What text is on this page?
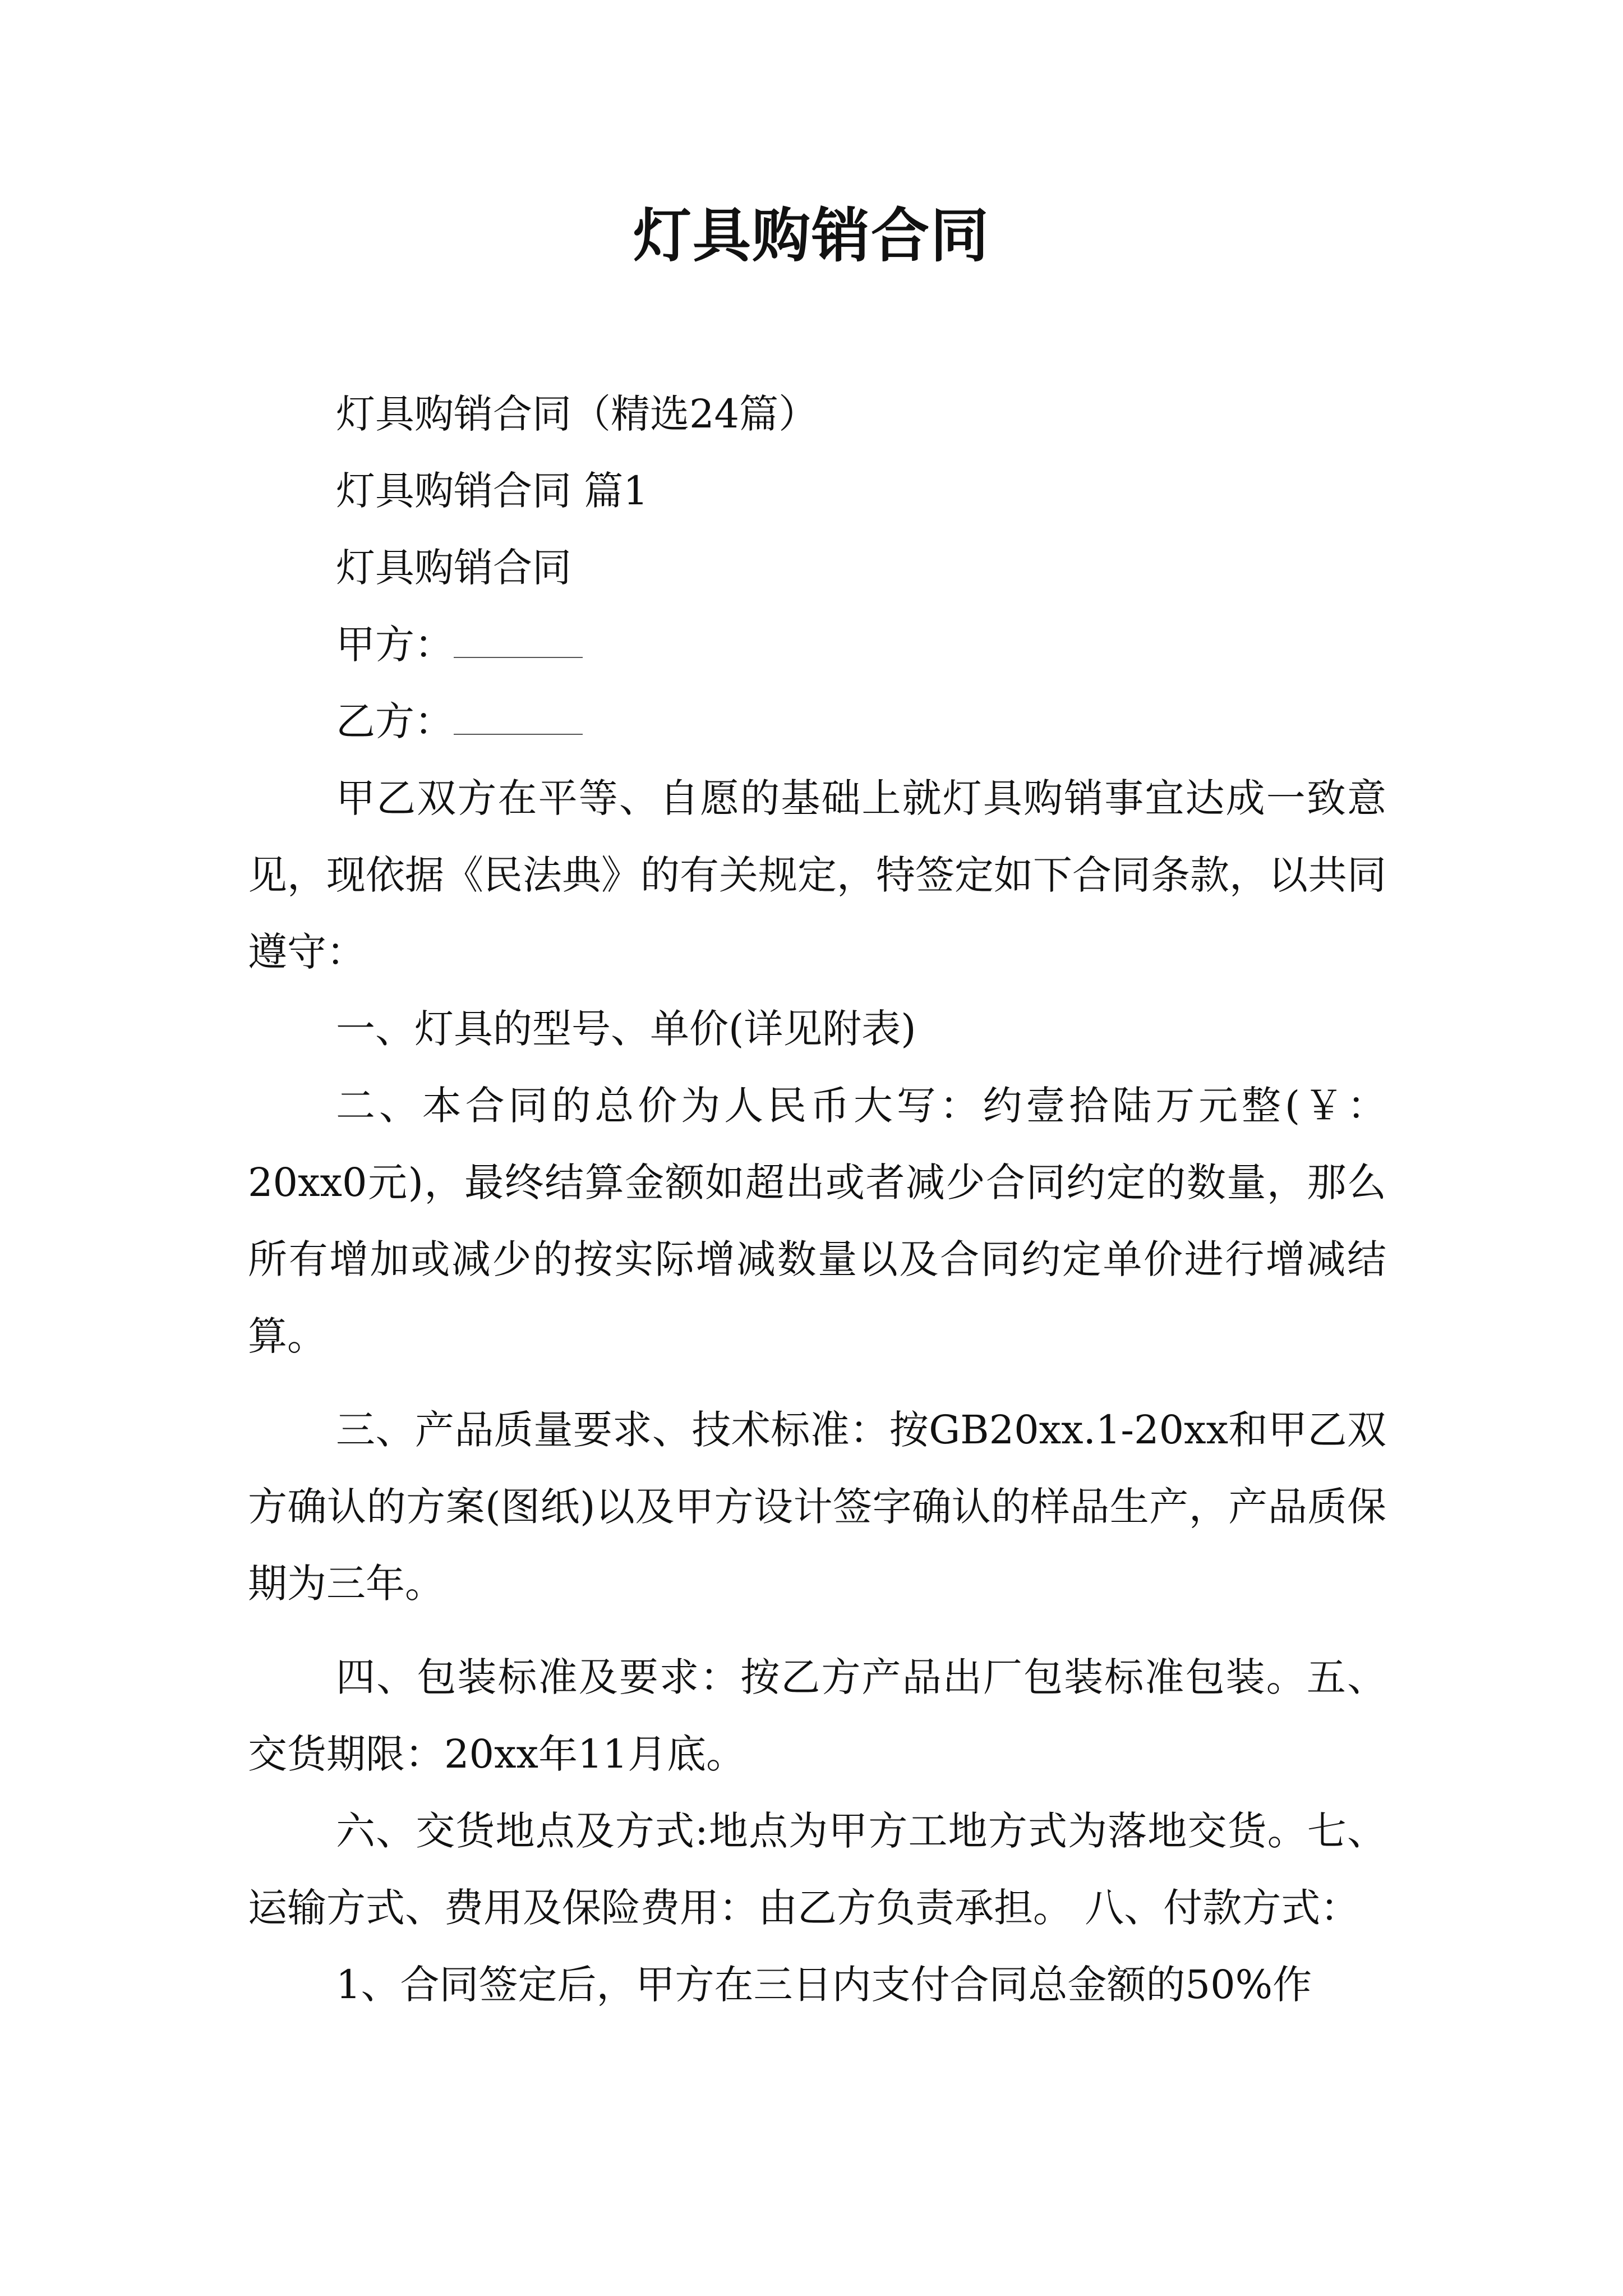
灯具购销合同

灯具购销合同（精选24篇）

灯具购销合同 篇1

灯具购销合同

甲方：

乙方：

甲乙双方在平等、自愿的基础上就灯具购销事宜达成一致意见，现依据《民法典》的有关规定，特签定如下合同条款，以共同遵守：

一、灯具的型号、单价(详见附表)

二、本合同的总价为人民币大写：约壹拾陆万元整(￥：20xx0元)，最终结算金额如超出或者减少合同约定的数量，那么所有增加或减少的按实际增减数量以及合同约定单价进行增减结算。

三、产品质量要求、技术标准：按GB20xx.1-20xx和甲乙双方确认的方案(图纸)以及甲方设计签字确认的样品生产，产品质保期为三年。

四、包装标准及要求：按乙方产品出厂包装标准包装。五、交货期限：20xx年11月底。

六、交货地点及方式:地点为甲方工地方式为落地交货。七、运输方式、费用及保险费用：由乙方负责承担。 八、付款方式：

1、合同签定后，甲方在三日内支付合同总金额的50%作
